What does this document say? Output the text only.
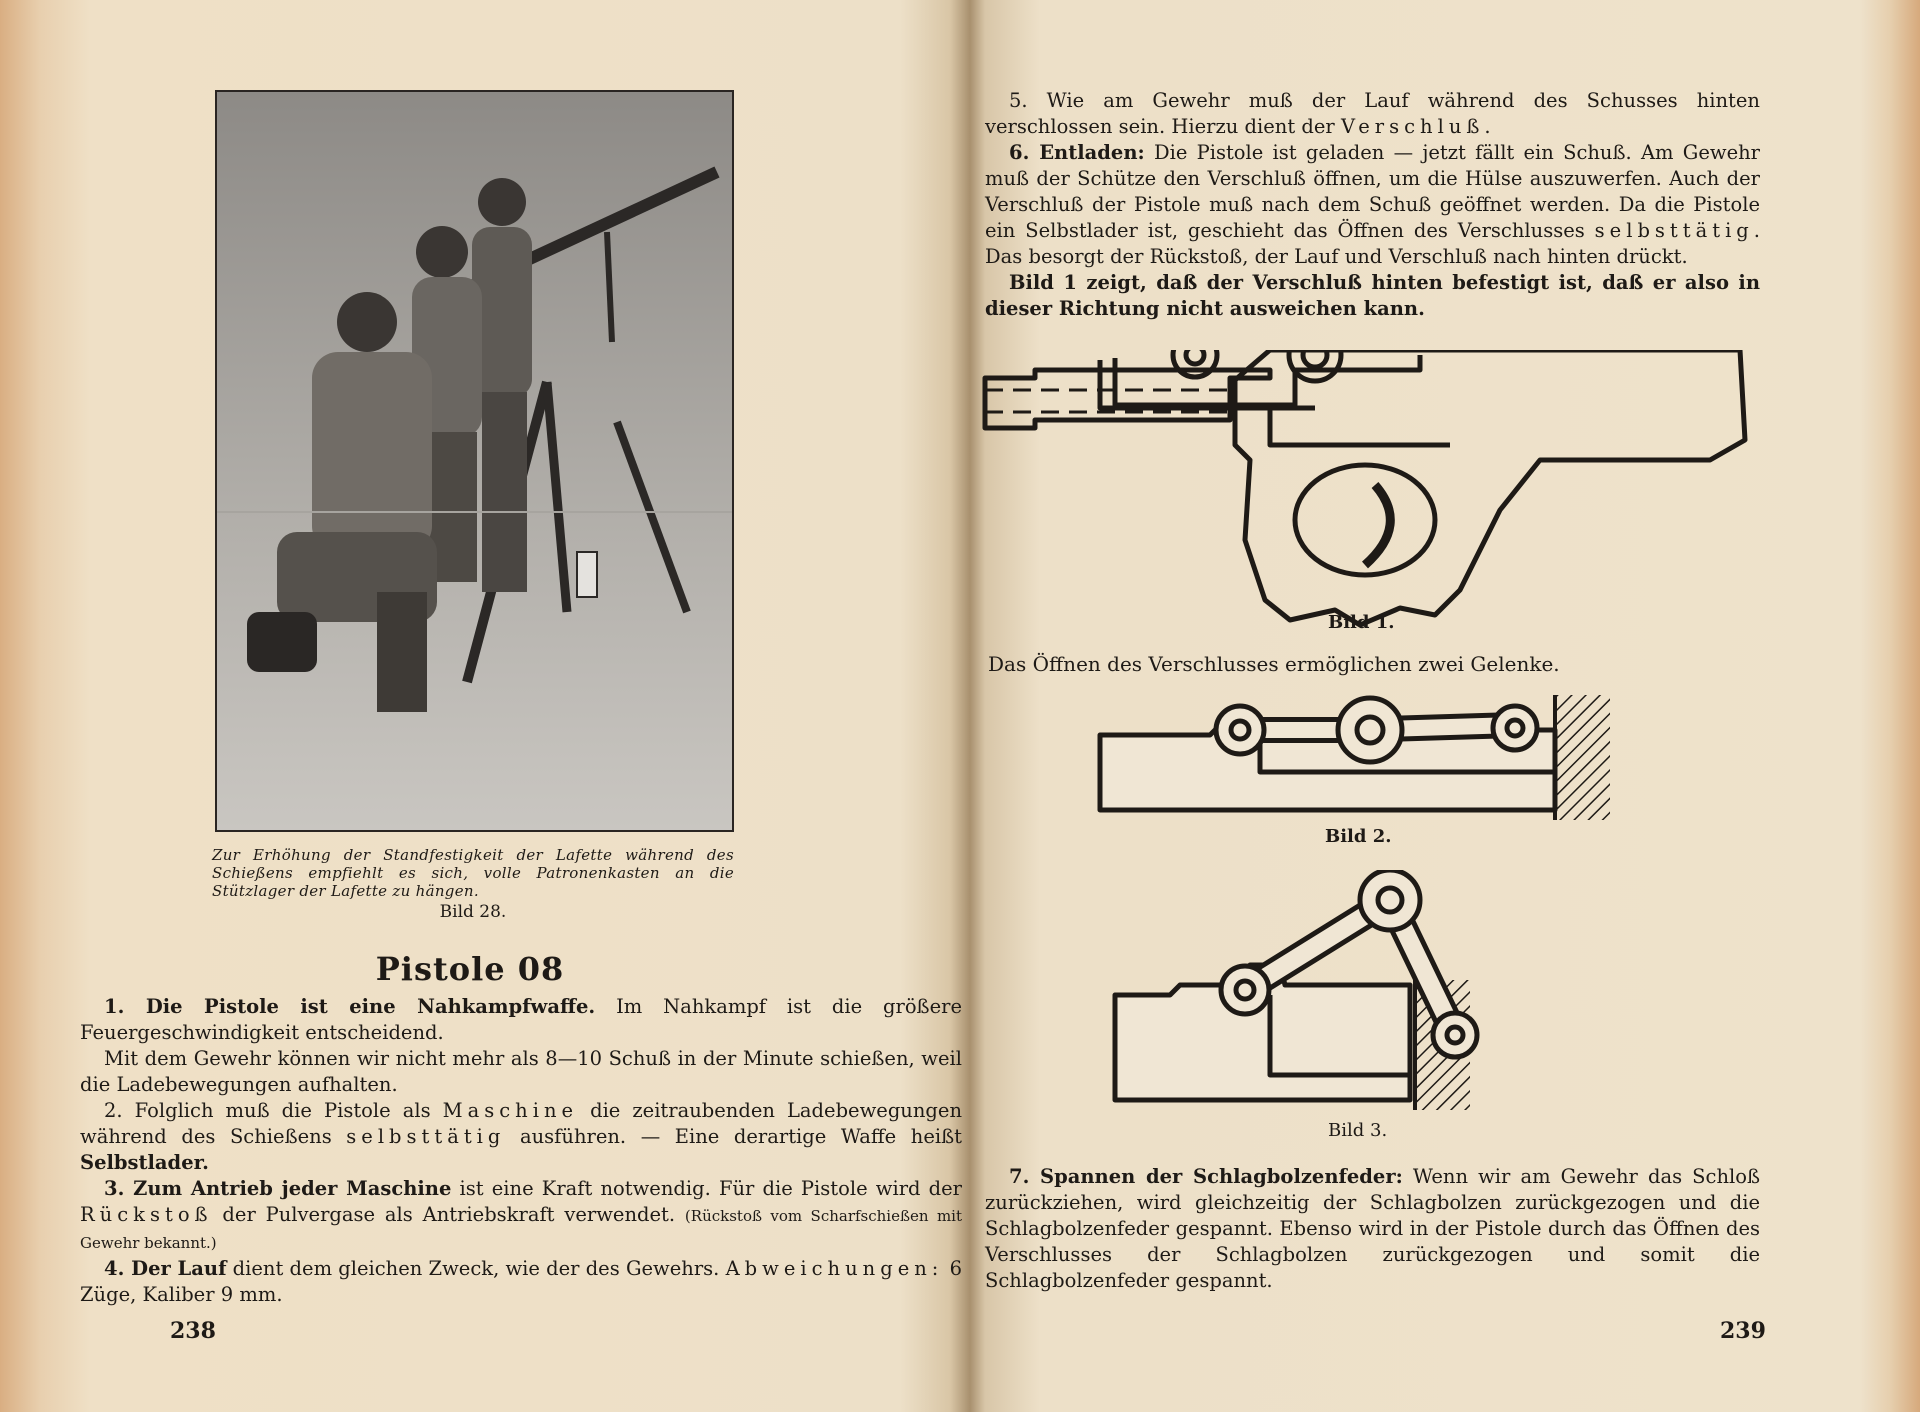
Zur Erhöhung der Standfestigkeit der Lafette während des Schießens empfiehlt es sich, volle Patronenkasten an die Stützlager der Lafette zu hängen.
Bild 28.
Pistole 08

1. Die Pistole ist eine Nahkampfwaffe. Im Nahkampf ist die größere Feuergeschwindigkeit entscheidend.

Mit dem Gewehr können wir nicht mehr als 8—10 Schuß in der Minute schießen, weil die Ladebewegungen aufhalten.

2. Folglich muß die Pistole als Maschine die zeitraubenden Ladebewegungen während des Schießens selbsttätig ausführen. — Eine derartige Waffe heißt Selbstlader.

3. Zum Antrieb jeder Maschine ist eine Kraft notwendig. Für die Pistole wird der Rückstoß der Pulvergase als Antriebskraft verwendet. (Rückstoß vom Scharfschießen mit Gewehr bekannt.)

4. Der Lauf dient dem gleichen Zweck, wie der des Gewehrs. Abweichungen: 6 Züge, Kaliber 9 mm.

238

5. Wie am Gewehr muß der Lauf während des Schusses hinten verschlossen sein. Hierzu dient der Verschluß.

6. Entladen: Die Pistole ist geladen — jetzt fällt ein Schuß. Am Gewehr muß der Schütze den Verschluß öffnen, um die Hülse auszuwerfen. Auch der Verschluß der Pistole muß nach dem Schuß geöffnet werden. Da die Pistole ein Selbstlader ist, geschieht das Öffnen des Verschlusses selbsttätig. Das besorgt der Rückstoß, der Lauf und Verschluß nach hinten drückt.

Bild 1 zeigt, daß der Verschluß hinten befestigt ist, daß er also in dieser Richtung nicht ausweichen kann.

Bild 1.
Das Öffnen des Verschlusses ermöglichen zwei Gelenke.
Bild 2.
Bild 3.

7. Spannen der Schlagbolzenfeder: Wenn wir am Gewehr das Schloß zurückziehen, wird gleichzeitig der Schlagbolzen zurückgezogen und die Schlagbolzenfeder gespannt. Ebenso wird in der Pistole durch das Öffnen des Verschlusses der Schlagbolzen zurückgezogen und somit die Schlagbolzenfeder gespannt.

239
